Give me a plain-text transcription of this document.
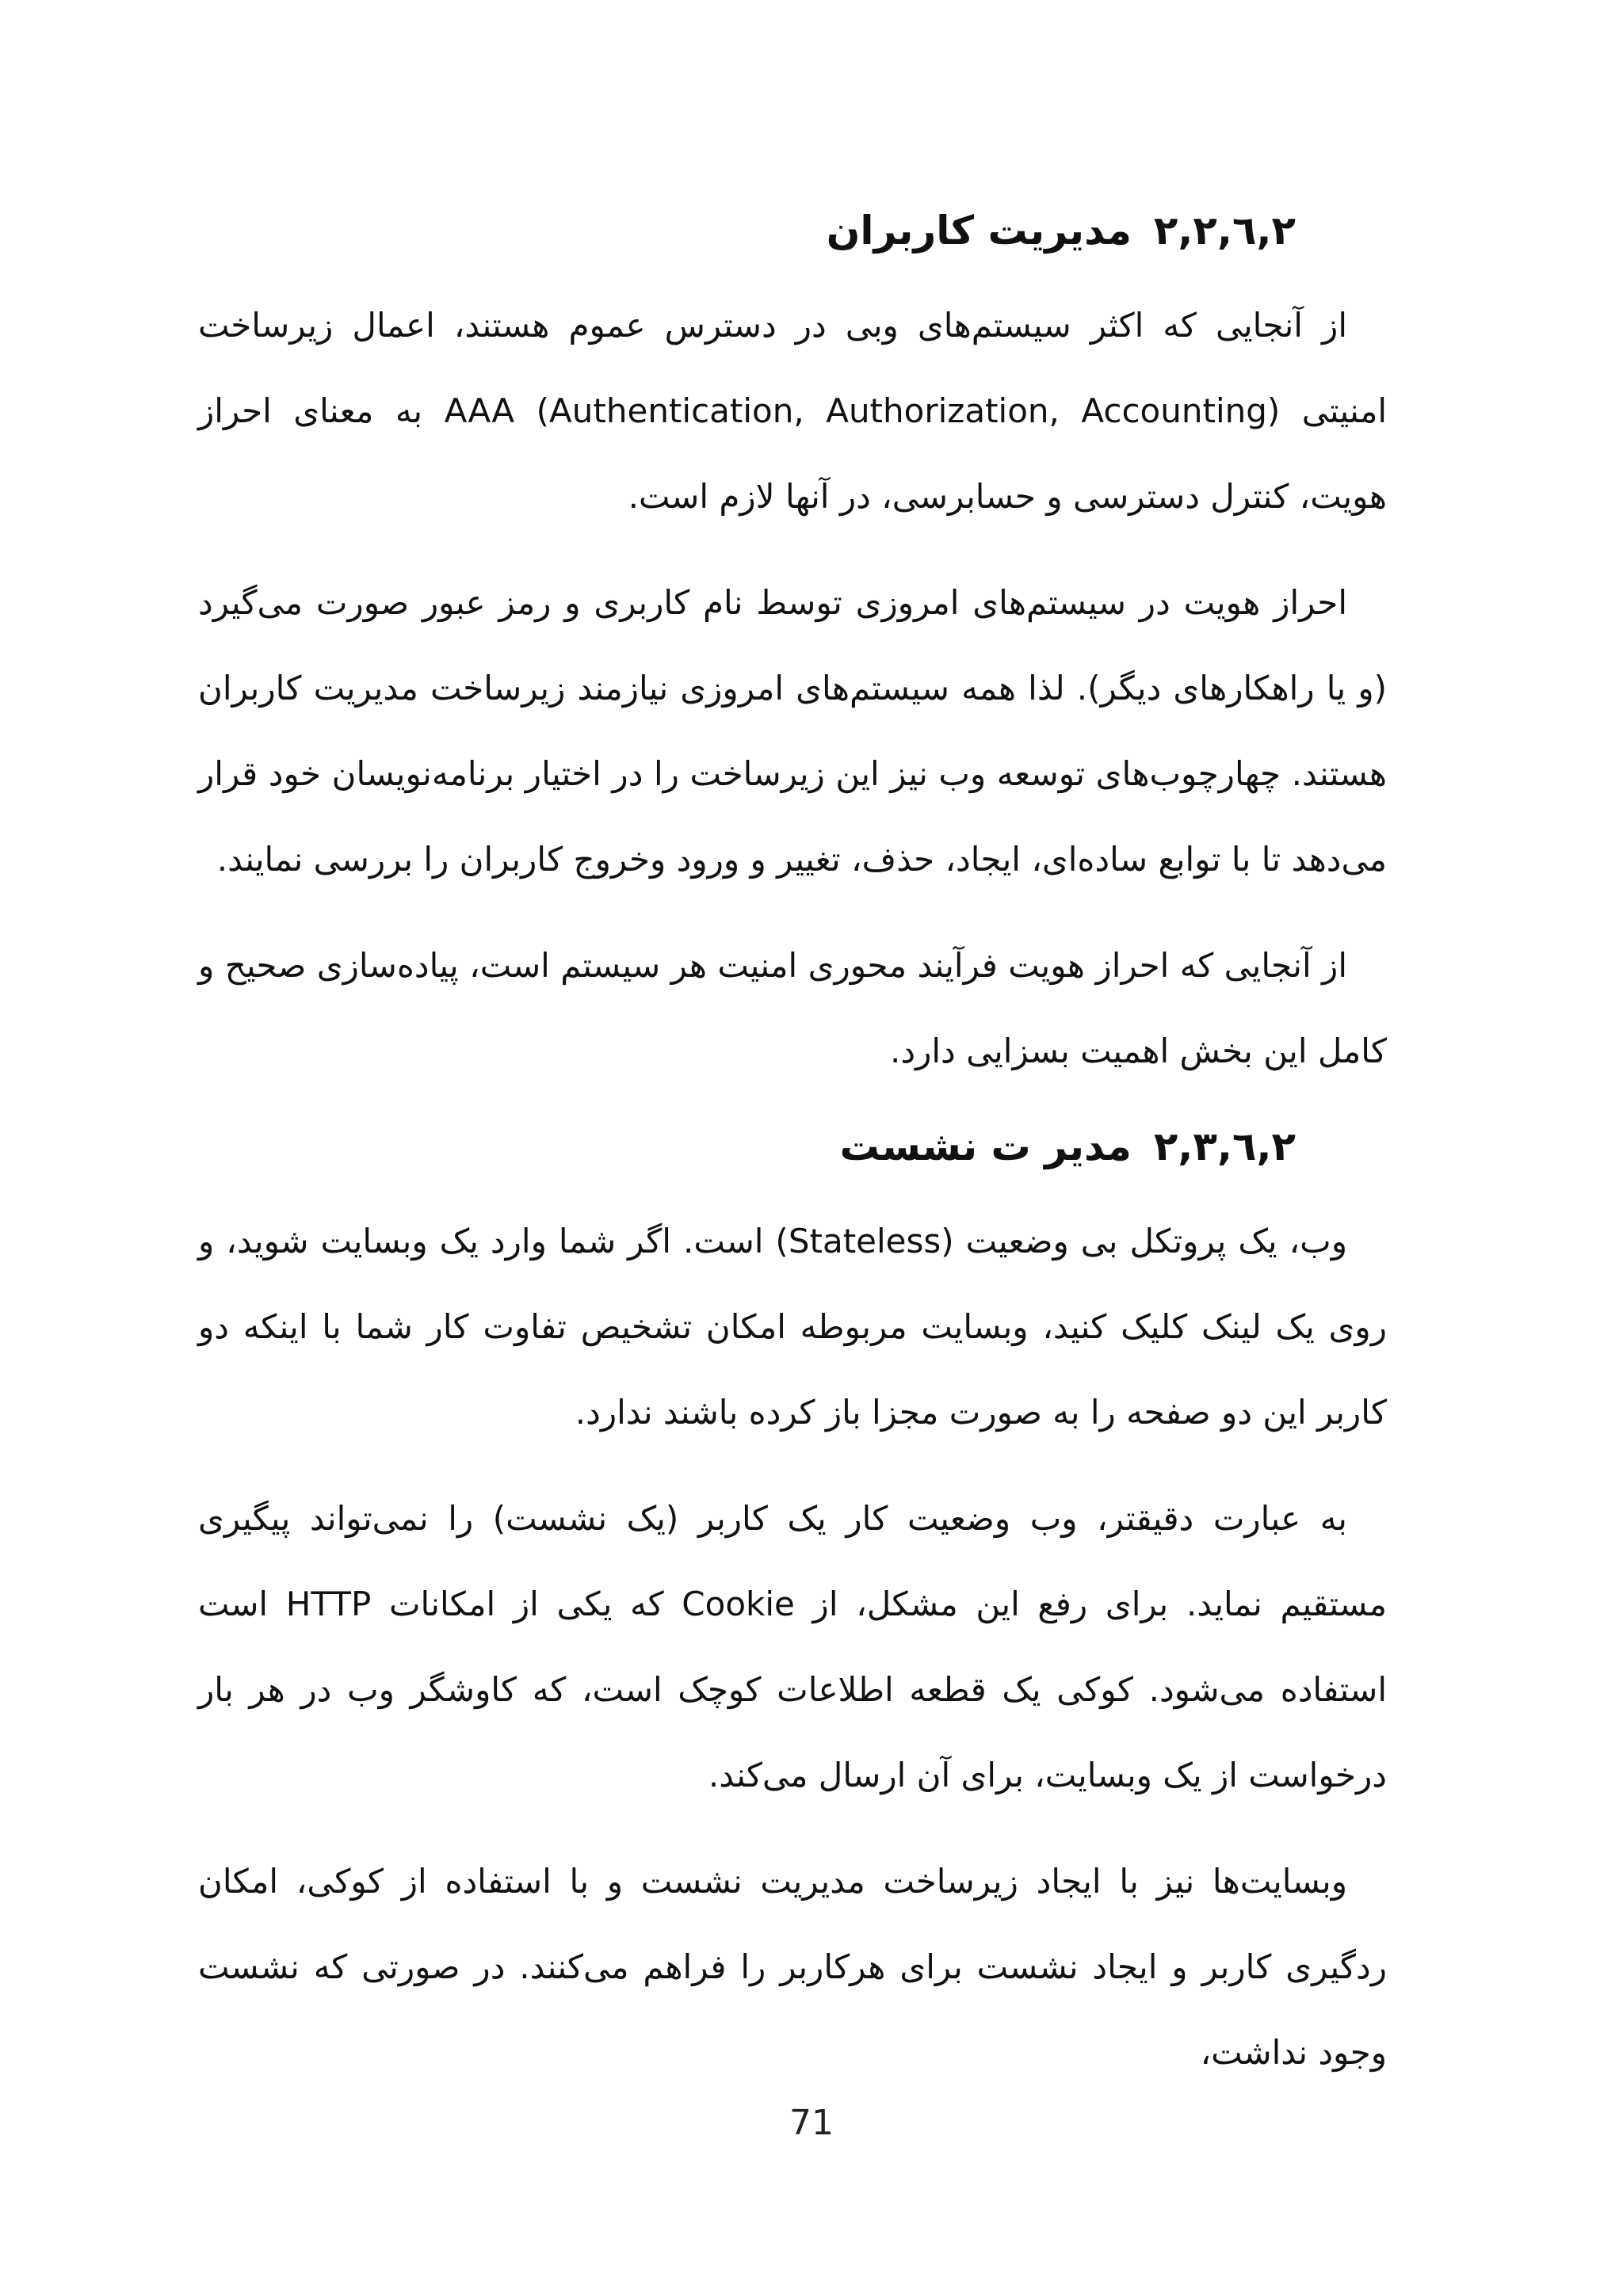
۲,٦,۲,۲مدیریت کاربران

از آنجایی که اکثر سیستم‌های وبی در دسترس عموم هستند، اعمال زیرساخت امنیتی AAA (Authentication, Authorization, Accounting) به معنای احراز هویت، کنترل دسترسی و حسابرسی، در آنها لازم است.

احراز هویت در سیستم‌های امروزی توسط نام کاربری و رمز عبور صورت می‌گیرد (و یا راهکارهای دیگر). لذا همه سیستم‌های امروزی نیازمند زیرساخت مدیریت کاربران هستند. چهارچوب‌های توسعه وب نیز این زیرساخت را در اختیار برنامه‌نویسان خود قرار می‌دهد تا با توابع ساده‌ای، ایجاد، حذف، تغییر و ورود وخروج کاربران را بررسی نمایند.

از آنجایی که احراز هویت فرآیند محوری امنیت هر سیستم است، پیاده‌سازی صحیح و کامل این بخش اهمیت بسزایی دارد.

۲,٦,۲,۳مدیر ت نشست

وب، یک پروتکل بی وضعیت (Stateless) است. اگر شما وارد یک وبسایت شوید، و روی یک لینک کلیک کنید، وبسایت مربوطه امکان تشخیص تفاوت کار شما با اینکه دو کاربر این دو صفحه را به صورت مجزا باز کرده باشند ندارد.

به عبارت دقیقتر، وب وضعیت کار یک کاربر (یک نشست) را نمی‌تواند پیگیری مستقیم نماید. برای رفع این مشکل، از Cookie که یکی از امکانات HTTP است استفاده می‌شود. کوکی یک قطعه اطلاعات کوچک است، که کاوشگر وب در هر بار درخواست از یک وبسایت، برای آن ارسال می‌کند.

وبسایت‌ها نیز با ایجاد زیرساخت مدیریت نشست و با استفاده از کوکی، امکان ردگیری کاربر و ایجاد نشست برای هرکاربر را فراهم می‌کنند. در صورتی که نشست وجود نداشت،

71
